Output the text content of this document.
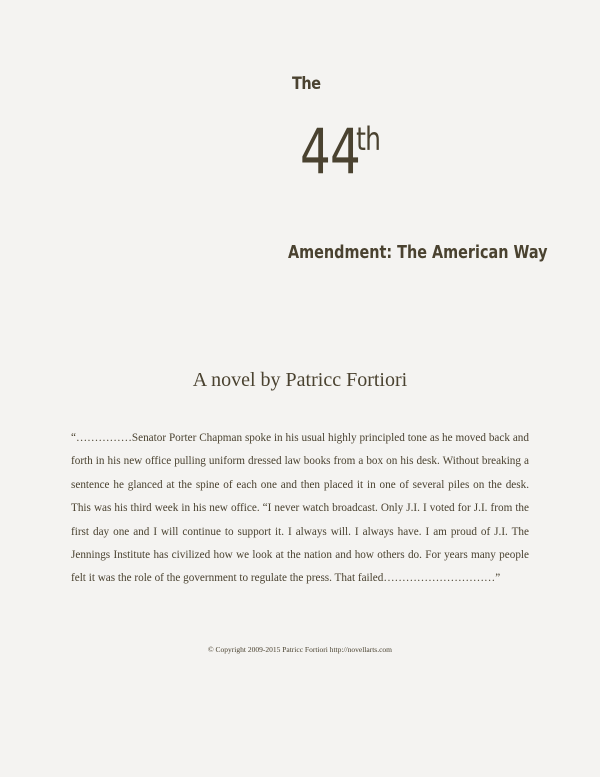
The
44
th
Amendment: The American Way
A novel by Patricc Fortiori
“……………Senator Porter Chapman spoke in his usual highly principled tone as he moved back and forth in his new office pulling uniform dressed law books from a box on his desk. Without breaking a sentence he glanced at the spine of each one and then placed it in one of several piles on the desk. This was his third week in his new office. “I never watch broadcast. Only J.I. I voted for J.I. from the first day one and I will continue to support it. I always will. I always have. I am proud of J.I. The Jennings Institute has civilized how we look at the nation and how others do. For years many people felt it was the role of the government to regulate the press. That failed…………………………”
© Copyright 2009-2015 Patricc Fortiori http://novellarts.com
